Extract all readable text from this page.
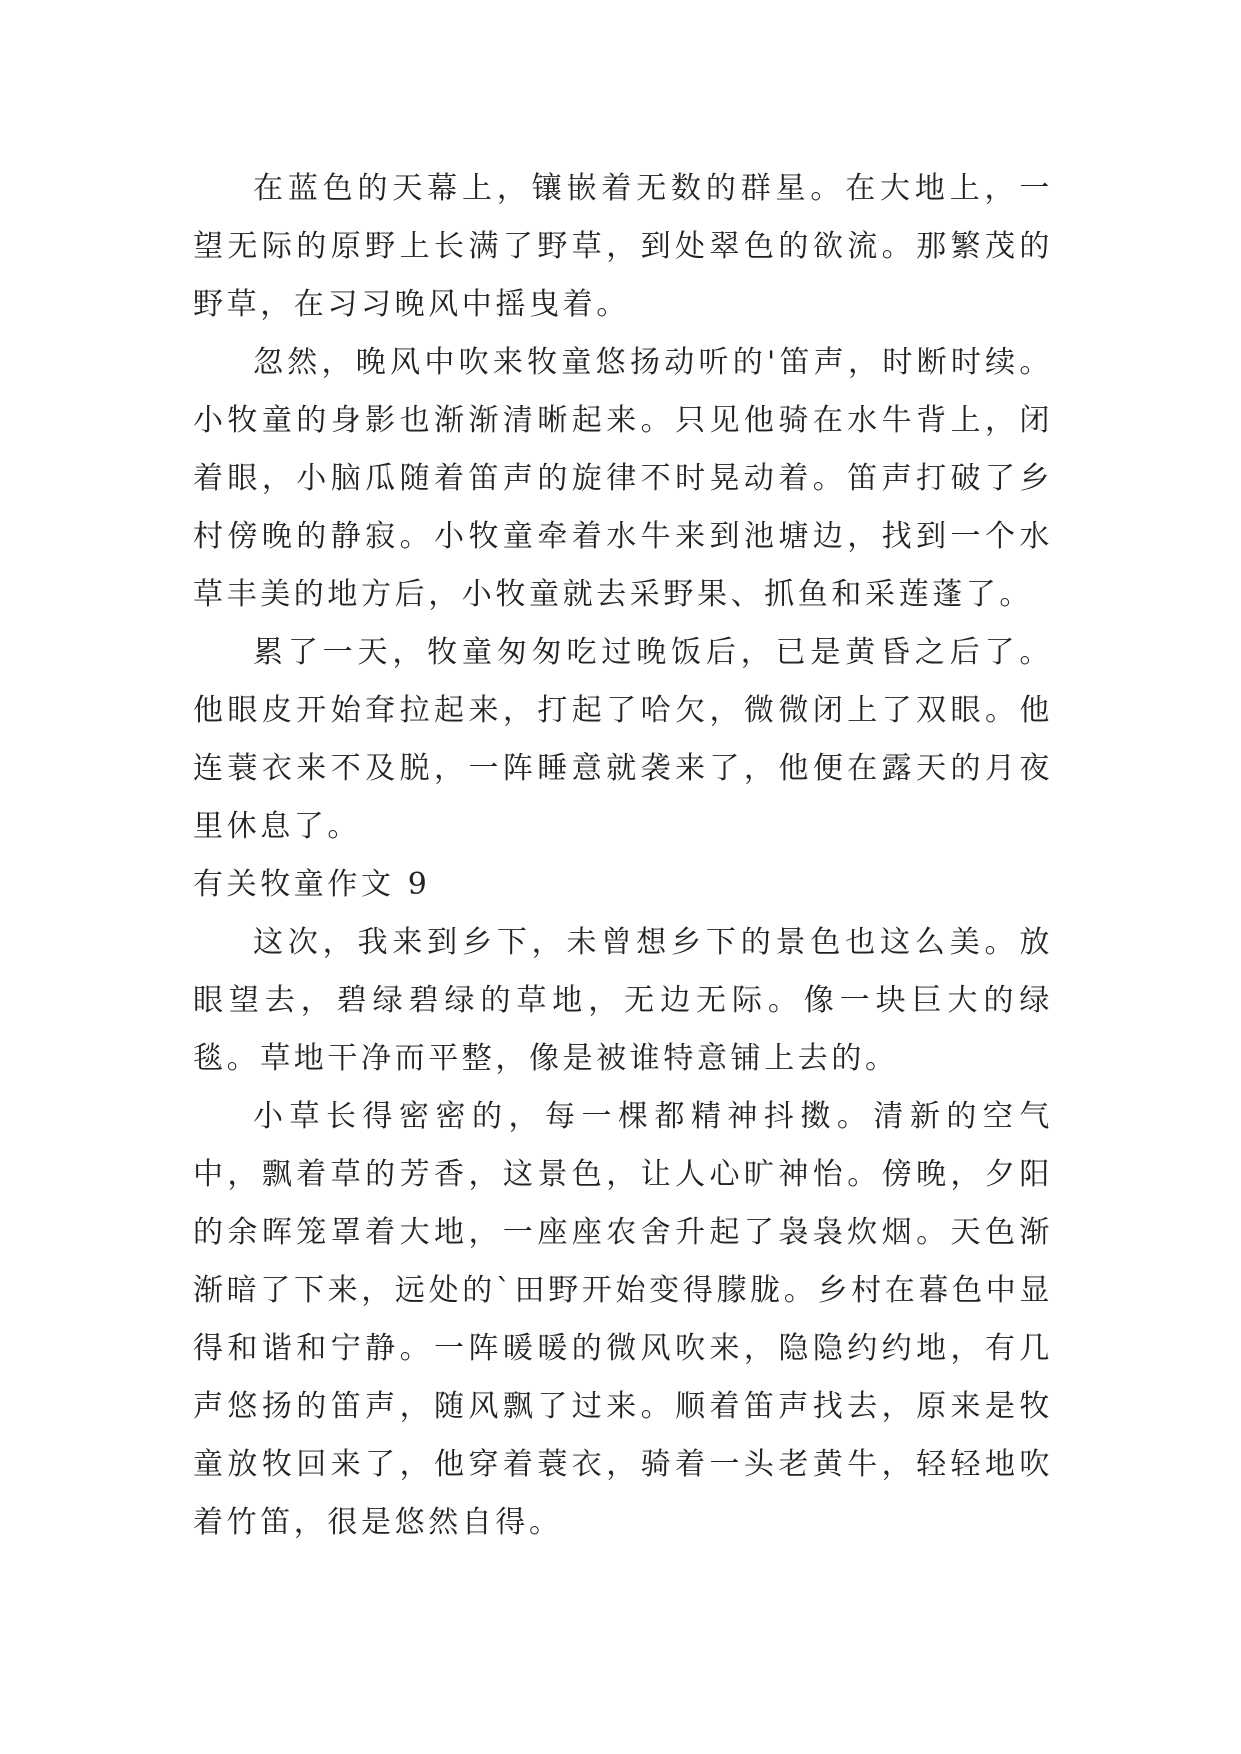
在蓝色的天幕上，镶嵌着无数的群星。在大地上，一望无际的原野上长满了野草，到处翠色的欲流。那繁茂的野草，在习习晚风中摇曳着。

忽然，晚风中吹来牧童悠扬动听的'笛声，时断时续。小牧童的身影也渐渐清晰起来。只见他骑在水牛背上，闭着眼，小脑瓜随着笛声的旋律不时晃动着。笛声打破了乡村傍晚的静寂。小牧童牵着水牛来到池塘边，找到一个水草丰美的地方后，小牧童就去采野果、抓鱼和采莲蓬了。

累了一天，牧童匆匆吃过晚饭后，已是黄昏之后了。他眼皮开始耷拉起来，打起了哈欠，微微闭上了双眼。他连蓑衣来不及脱，一阵睡意就袭来了，他便在露天的月夜里休息了。

有关牧童作文 9

这次，我来到乡下，未曾想乡下的景色也这么美。放眼望去，碧绿碧绿的草地，无边无际。像一块巨大的绿毯。草地干净而平整，像是被谁特意铺上去的。

小草长得密密的，每一棵都精神抖擞。清新的空气中，飘着草的芳香，这景色，让人心旷神怡。傍晚，夕阳的余晖笼罩着大地，一座座农舍升起了袅袅炊烟。天色渐渐暗了下来，远处的`田野开始变得朦胧。乡村在暮色中显得和谐和宁静。一阵暖暖的微风吹来，隐隐约约地，有几声悠扬的笛声，随风飘了过来。顺着笛声找去，原来是牧童放牧回来了，他穿着蓑衣，骑着一头老黄牛，轻轻地吹着竹笛，很是悠然自得。
